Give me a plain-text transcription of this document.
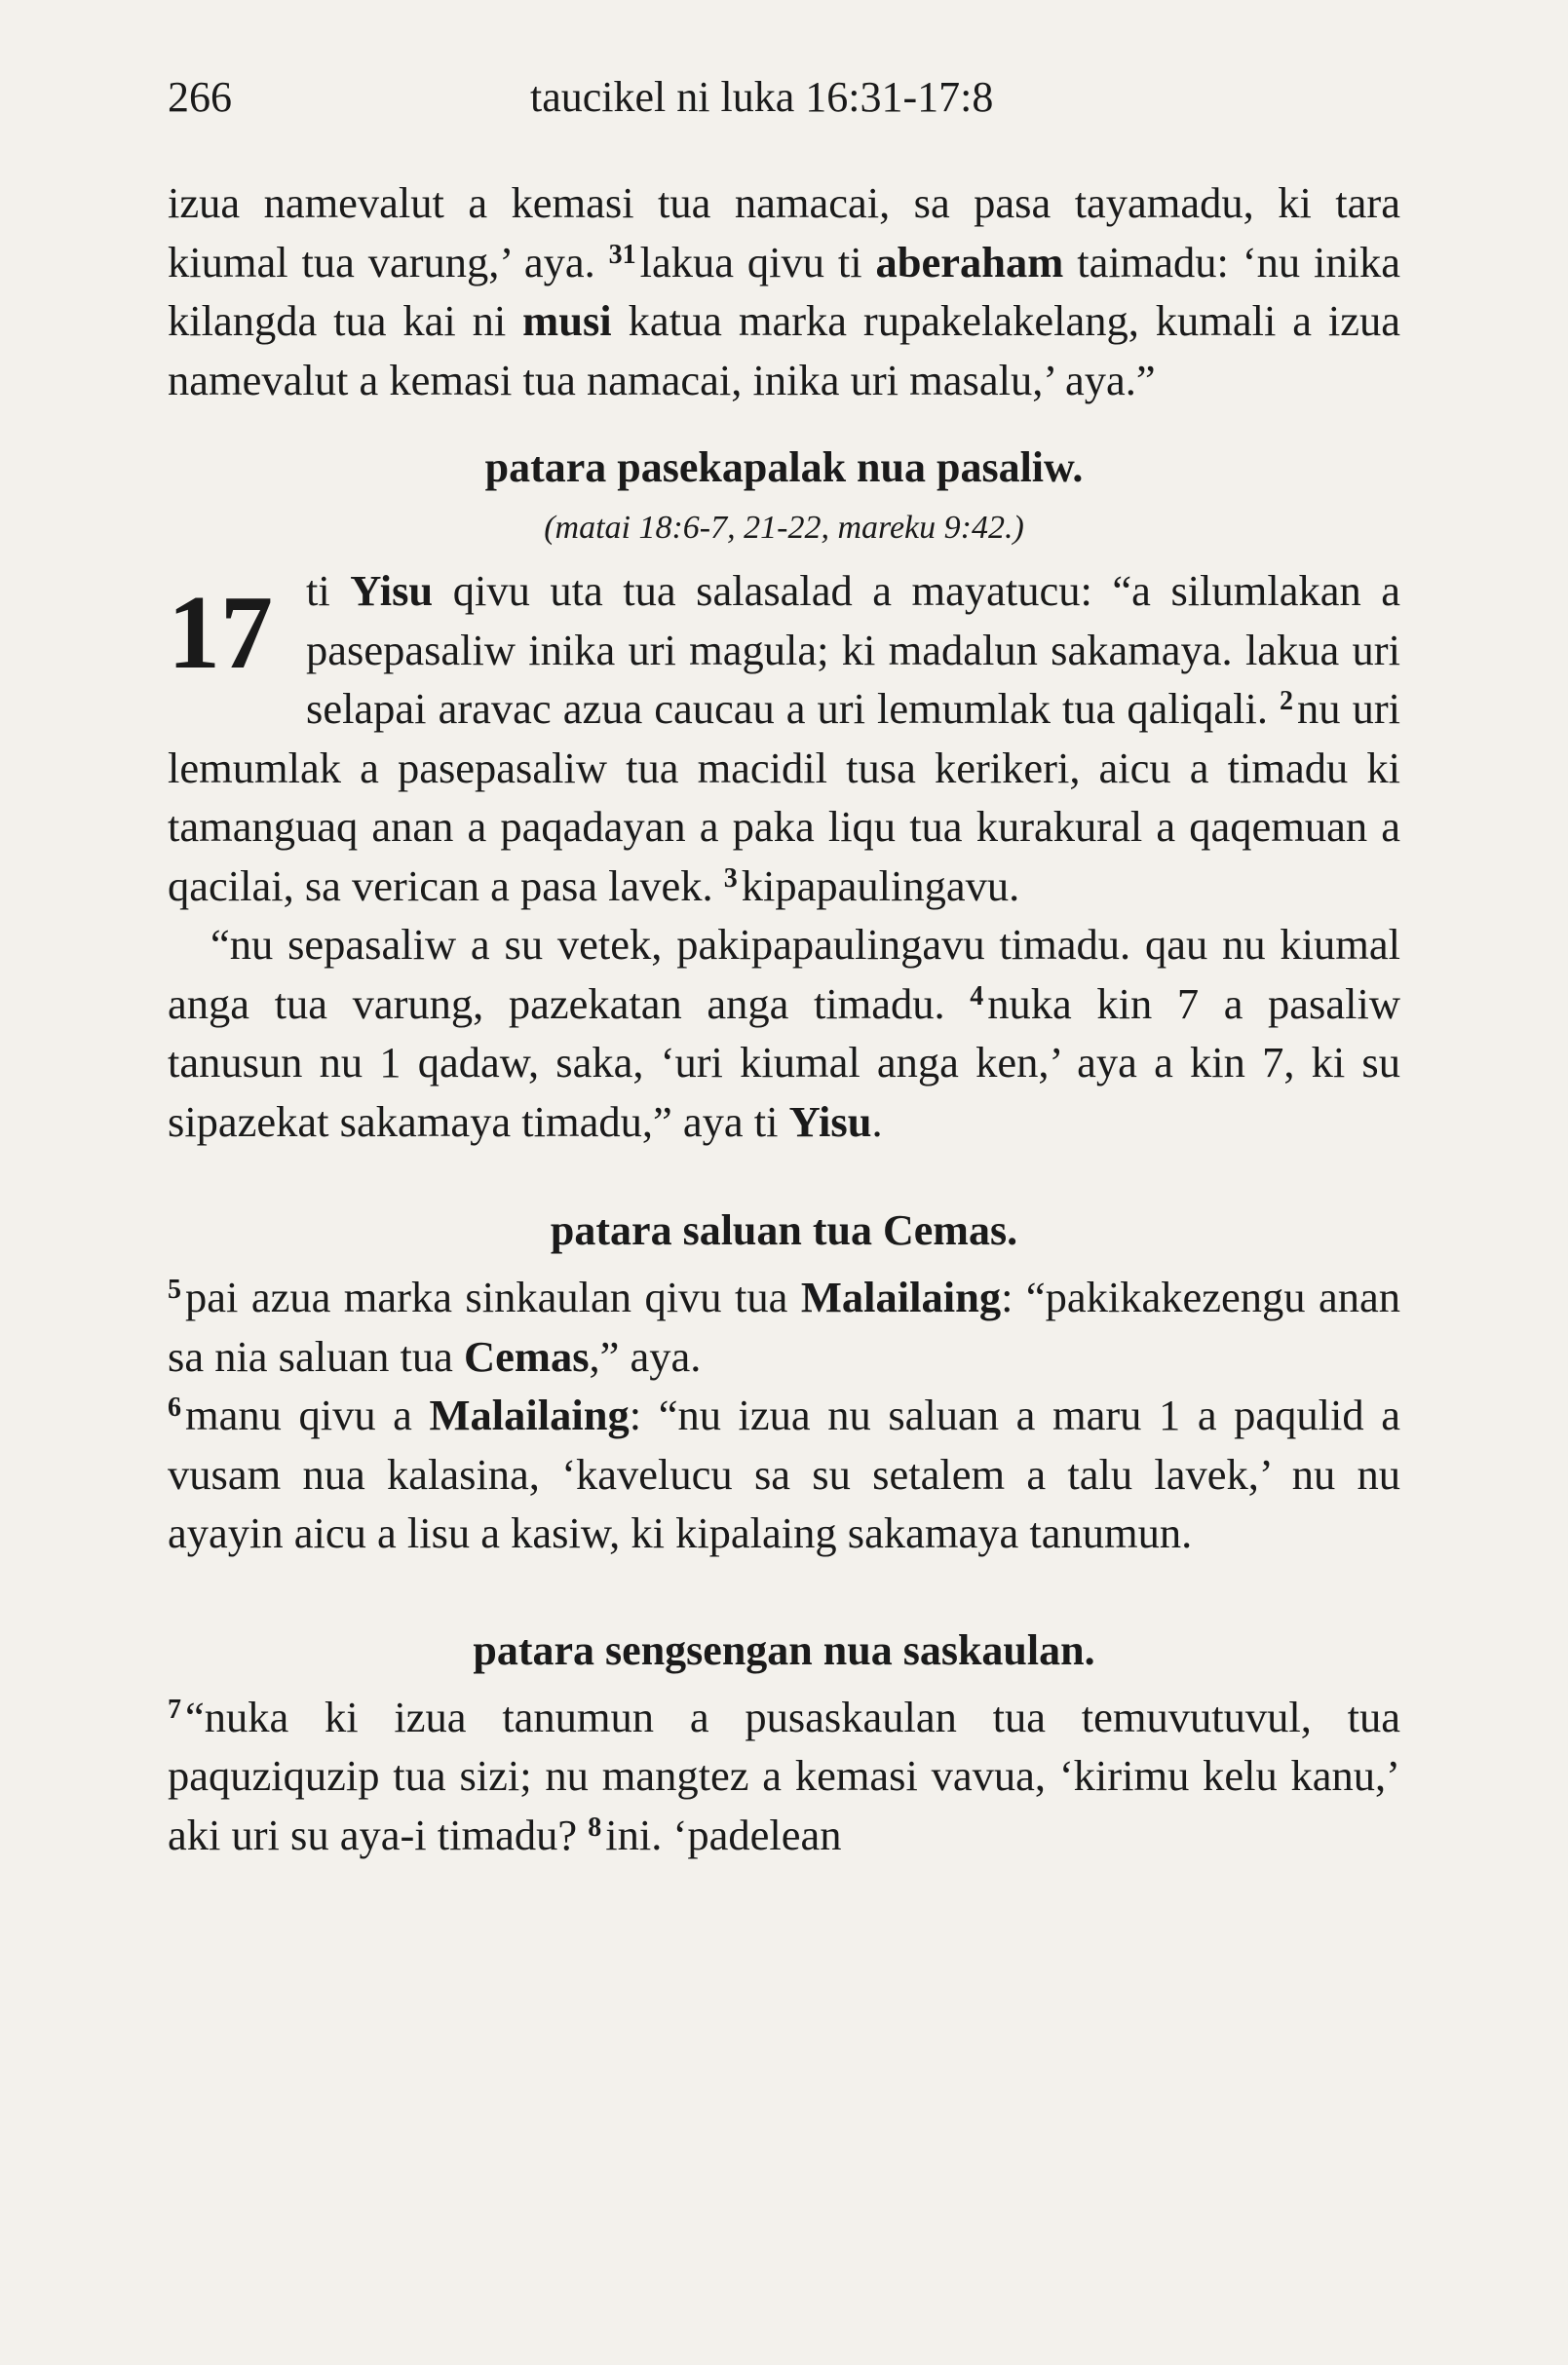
266	taucikel ni luka 16:31-17:8

izua namevalut a kemasi tua namacai, sa pasa tayamadu, ki tara kiumal tua varung,’ aya. $^{31}$lakua qivu ti aberaham taimadu: ‘nu inika kilangda tua kai ni musi katua marka rupakelakelang, kumali a izua namevalut a kemasi tua namacai, inika uri masalu,’ aya.”

patara pasekapalak nua pasaliw.
(matai 18:6-7, 21-22, mareku 9:42.)

17 ti Yisu qivu uta tua salasalad a mayatucu: “a silumlakan a pasepasaliw inika uri magula; ki madalun sakamaya. lakua uri selapai aravac azua caucau a uri lemumlak tua qaliqali. $^2$nu uri lemumlak a pasepasaliw tua macidil tusa kerikeri, aicu a timadu ki tamanguaq anan a paqadayan a paka liqu tua kurakural a qaqemuan a qacilai, sa verican a pasa lavek. $^3$kipapaulingavu.

“nu sepasaliw a su vetek, pakipapaulingavu timadu. qau nu kiumal anga tua varung, pazekatan anga timadu. $^4$nuka kin 7 a pasaliw tanusun nu 1 qadaw, saka, ‘uri kiumal anga ken,’ aya a kin 7, ki su sipazekat sakamaya timadu,” aya ti Yisu.

patara saluan tua Cemas.

$^5$pai azua marka sinkaulan qivu tua Malailaing: “pakikakezengu anan sa nia saluan tua Cemas,” aya.

$^6$manu qivu a Malailaing: “nu izua nu saluan a maru 1 a paqulid a vusam nua kalasina, ‘kavelucu sa su setalem a talu lavek,’ nu nu ayayin aicu a lisu a kasiw, ki kipalaing sakamaya tanumun.

patara sengsengan nua saskaulan.

$^7$“nuka ki izua tanumun a pusaskaulan tua temuvutuvul, tua paquziquzip tua sizi; nu mangtez a kemasi vavua, ‘kirimu kelu kanu,’ aki uri su aya-i timadu? $^8$ini. ‘padelean
